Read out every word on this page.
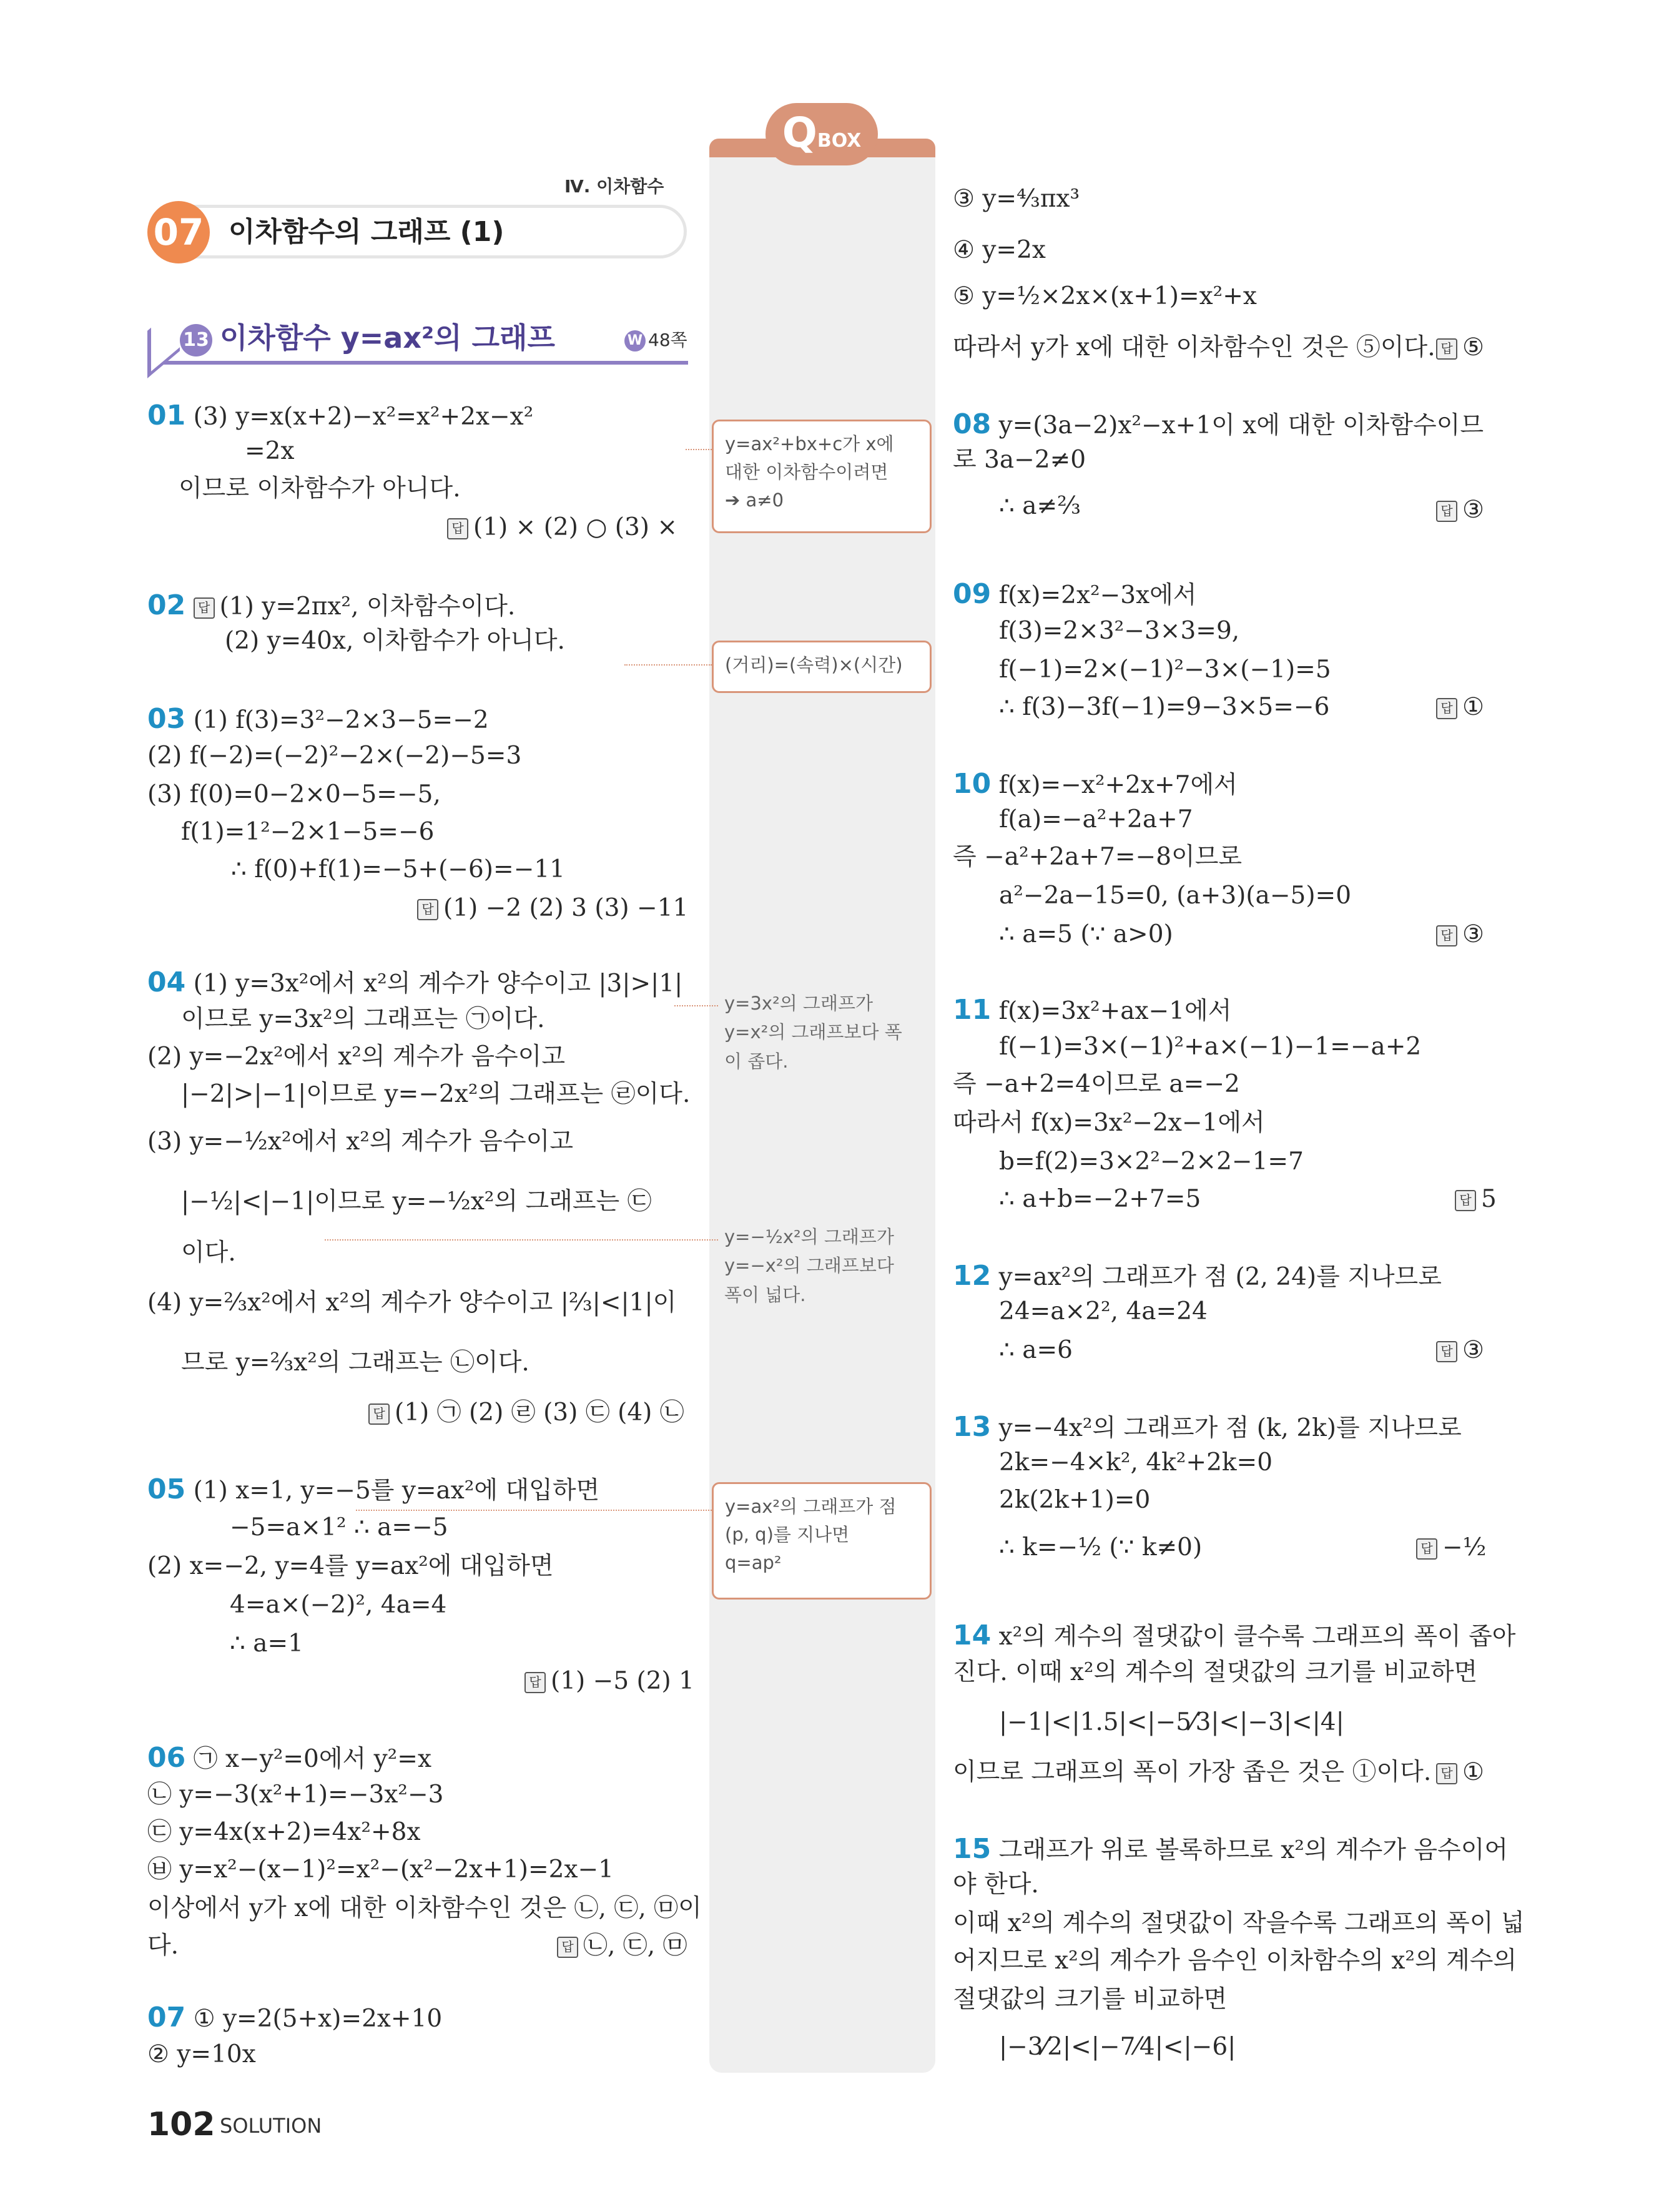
QBOX
y=ax²+bx+c가 x에
대한 이차함수이려면
➔ a≠0
(거리)=(속력)×(시간)
y=3x²의 그래프가
y=x²의 그래프보다 폭
이 좁다.
y=−½x²의 그래프가
y=−x²의 그래프보다
폭이 넓다.
y=ax²의 그래프가 점
(p, q)를 지나면
q=ap²
Ⅳ. 이차함수
07 이차함수의 그래프 (1)
13 이차함수 y=ax²의 그래프	W 48쪽
01 (3) y=x(x+2)−x²=x²+2x−x²
=2x
이므로 이차함수가 아니다.
답 (1) × (2) ○ (3) ×
02 답 (1) y=2πx², 이차함수이다.
(2) y=40x, 이차함수가 아니다.
03 (1) f(3)=3²−2×3−5=−2
(2) f(−2)=(−2)²−2×(−2)−5=3
(3) f(0)=0−2×0−5=−5,
f(1)=1²−2×1−5=−6
∴ f(0)+f(1)=−5+(−6)=−11
답 (1) −2 (2) 3 (3) −11
04 (1) y=3x²에서 x²의 계수가 양수이고 |3|>|1|
이므로 y=3x²의 그래프는 ㉠이다.
(2) y=−2x²에서 x²의 계수가 음수이고
|−2|>|−1|이므로 y=−2x²의 그래프는 ㉣이다.
(3) y=−½x²에서 x²의 계수가 음수이고
|−½|<|−1|이므로 y=−½x²의 그래프는 ㉢
이다.
(4) y=⅔x²에서 x²의 계수가 양수이고 |⅔|<|1|이
므로 y=⅔x²의 그래프는 ㉡이다.
답 (1) ㉠ (2) ㉣ (3) ㉢ (4) ㉡
05 (1) x=1, y=−5를 y=ax²에 대입하면
−5=a×1² ∴ a=−5
(2) x=−2, y=4를 y=ax²에 대입하면
4=a×(−2)², 4a=4
∴ a=1
답 (1) −5 (2) 1
06 ㉠ x−y²=0에서 y²=x
㉡ y=−3(x²+1)=−3x²−3
㉢ y=4x(x+2)=4x²+8x
㉥ y=x²−(x−1)²=x²−(x²−2x+1)=2x−1
이상에서 y가 x에 대한 이차함수인 것은 ㉡, ㉢, ㉤이
다.	답 ㉡, ㉢, ㉤
07 ① y=2(5+x)=2x+10
② y=10x
102 SOLUTION
③ y=⁴⁄₃πx³
④ y=2x
⑤ y=½×2x×(x+1)=x²+x
따라서 y가 x에 대한 이차함수인 것은 ⑤이다. 답 ⑤
08 y=(3a−2)x²−x+1이 x에 대한 이차함수이므
로 3a−2≠0
∴ a≠⅔	답 ③
09 f(x)=2x²−3x에서
f(3)=2×3²−3×3=9,
f(−1)=2×(−1)²−3×(−1)=5
∴ f(3)−3f(−1)=9−3×5=−6	답 ①
10 f(x)=−x²+2x+7에서
f(a)=−a²+2a+7
즉 −a²+2a+7=−8이므로
a²−2a−15=0, (a+3)(a−5)=0
∴ a=5 (∵ a>0)	답 ③
11 f(x)=3x²+ax−1에서
f(−1)=3×(−1)²+a×(−1)−1=−a+2
즉 −a+2=4이므로 a=−2
따라서 f(x)=3x²−2x−1에서
b=f(2)=3×2²−2×2−1=7
∴ a+b=−2+7=5	답 5
12 y=ax²의 그래프가 점 (2, 24)를 지나므로
24=a×2², 4a=24
∴ a=6	답 ③
13 y=−4x²의 그래프가 점 (k, 2k)를 지나므로
2k=−4×k², 4k²+2k=0
2k(2k+1)=0
∴ k=−½ (∵ k≠0)	답 −½
14 x²의 계수의 절댓값이 클수록 그래프의 폭이 좁아
진다. 이때 x²의 계수의 절댓값의 크기를 비교하면
|−1|<|1.5|<|−5⁄3|<|−3|<|4|
이므로 그래프의 폭이 가장 좁은 것은 ①이다. 답 ①
15 그래프가 위로 볼록하므로 x²의 계수가 음수이어
야 한다.
이때 x²의 계수의 절댓값이 작을수록 그래프의 폭이 넓
어지므로 x²의 계수가 음수인 이차함수의 x²의 계수의
절댓값의 크기를 비교하면
|−3⁄2|<|−7⁄4|<|−6|
